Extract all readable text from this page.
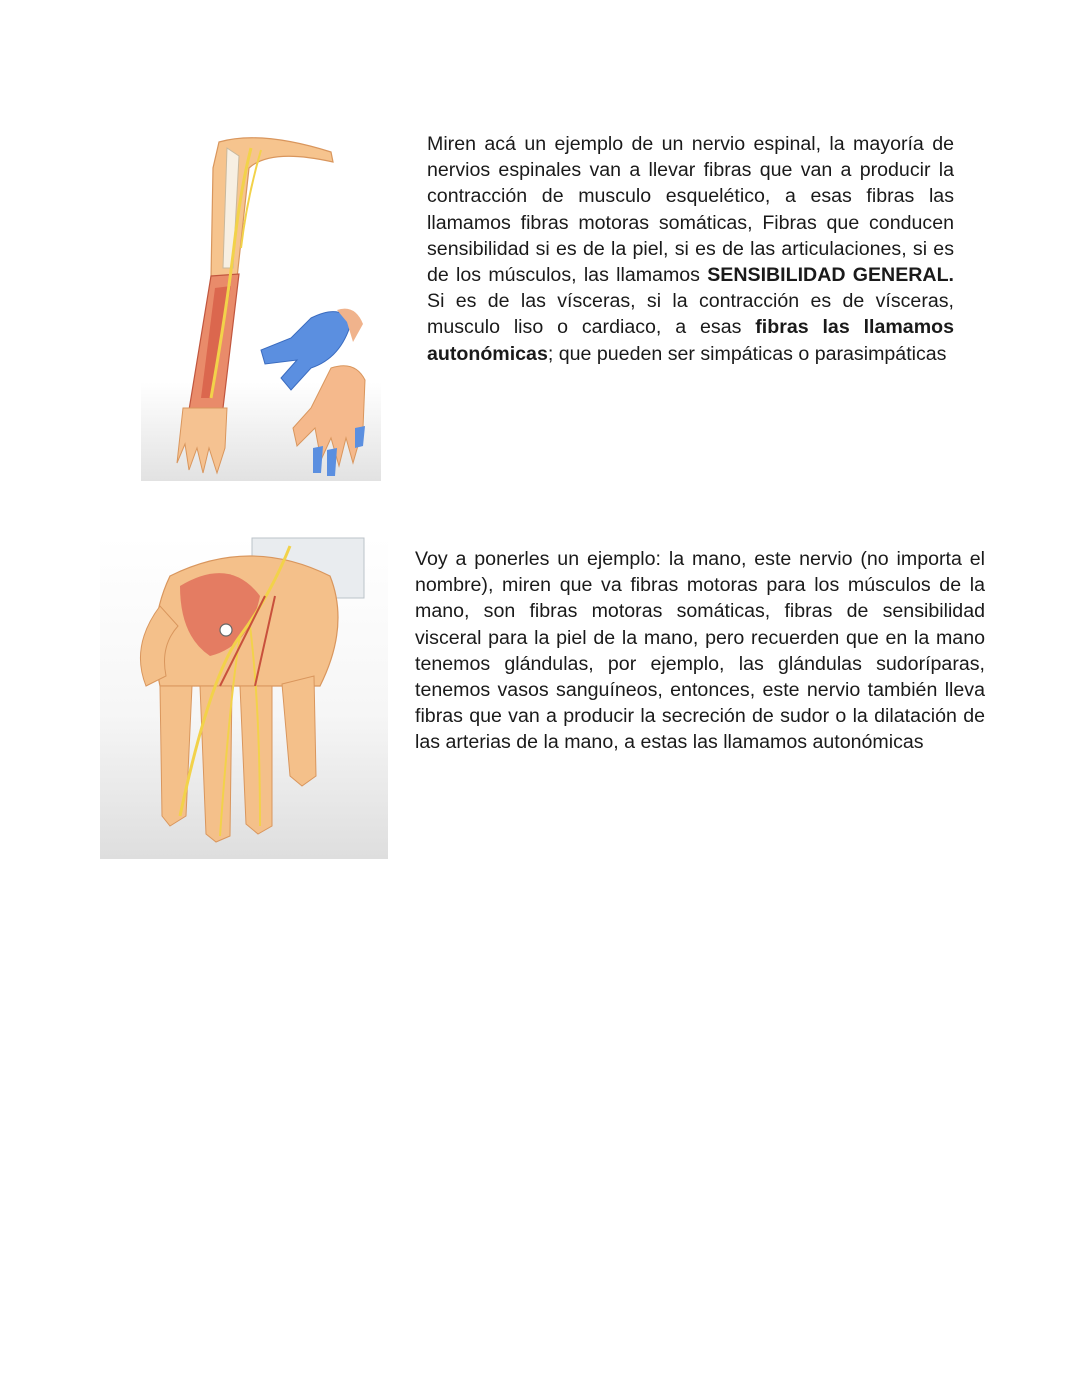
Miren acá un ejemplo de un nervio espinal, la mayoría de nervios espinales van a llevar fibras que van a producir la contracción de musculo esquelético, a esas fibras las llamamos fibras motoras somáticas, Fibras que conducen sensibilidad si es de la piel, si es de las articulaciones, si es de los músculos, las llamamos SENSIBILIDAD GENERAL. Si es de las vísceras, si la contracción es de vísceras, musculo liso o cardiaco, a esas fibras las llamamos autonómicas; que pueden ser simpáticas o parasimpáticas

Voy a ponerles un ejemplo: la mano, este nervio (no importa el nombre), miren que va fibras motoras para los músculos de la mano, son fibras motoras somáticas, fibras de sensibilidad visceral para la piel de la mano, pero recuerden que en la mano tenemos glándulas, por ejemplo, las glándulas sudoríparas, tenemos vasos sanguíneos, entonces, este nervio también lleva fibras que van a producir la secreción de sudor o la dilatación de las arterias de la mano, a estas las llamamos autonómicas
